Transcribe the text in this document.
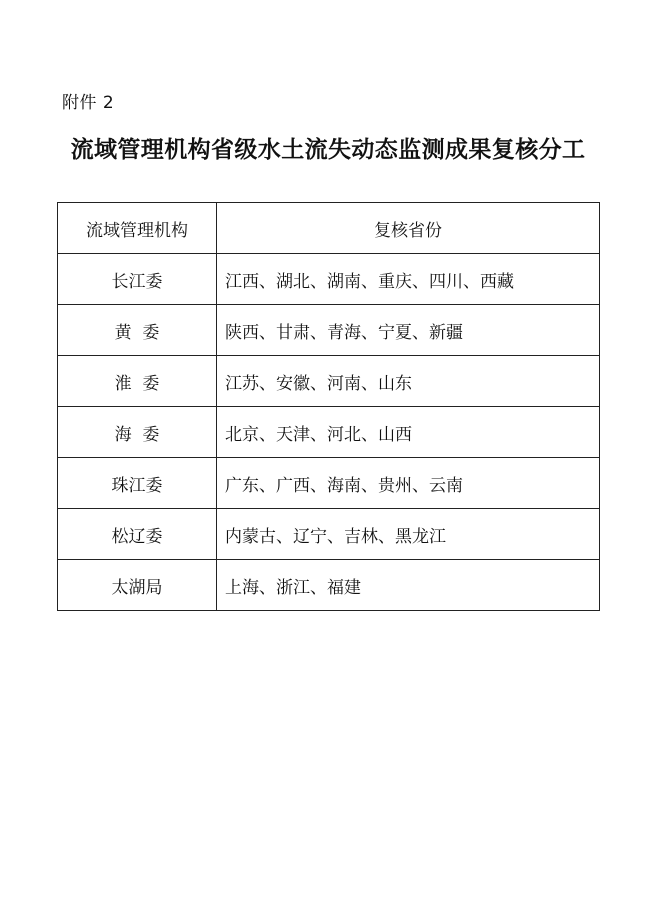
附件 2
流域管理机构省级水土流失动态监测成果复核分工
流域管理机构	复核省份
长江委	江西、湖北、湖南、重庆、四川、西藏
黄  委	陕西、甘肃、青海、宁夏、新疆
淮  委	江苏、安徽、河南、山东
海  委	北京、天津、河北、山西
珠江委	广东、广西、海南、贵州、云南
松辽委	内蒙古、辽宁、吉林、黑龙江
太湖局	上海、浙江、福建
